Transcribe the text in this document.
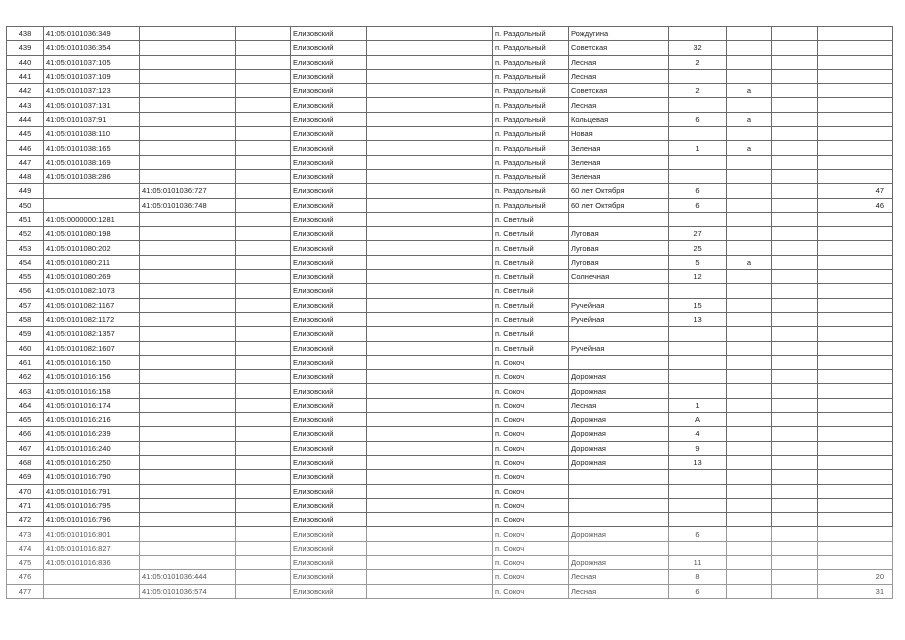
438	41:05:0101036:349			Елизовский		п. Раздольный	Рождугина				
439	41:05:0101036:354			Елизовский		п. Раздольный	Советская	32			
440	41:05:0101037:105			Елизовский		п. Раздольный	Лесная	2			
441	41:05:0101037:109			Елизовский		п. Раздольный	Лесная				
442	41:05:0101037:123			Елизовский		п. Раздольный	Советская	2	а		
443	41:05:0101037:131			Елизовский		п. Раздольный	Лесная				
444	41:05:0101037:91			Елизовский		п. Раздольный	Кольцевая	6	а		
445	41:05:0101038:110			Елизовский		п. Раздольный	Новая				
446	41:05:0101038:165			Елизовский		п. Раздольный	Зеленая	1	а		
447	41:05:0101038:169			Елизовский		п. Раздольный	Зеленая				
448	41:05:0101038:286			Елизовский		п. Раздольный	Зеленая				
449		41:05:0101036:727		Елизовский		п. Раздольный	60 лет Октября	6			47
450		41:05:0101036:748		Елизовский		п. Раздольный	60 лет Октября	6			46
451	41:05:0000000:1281			Елизовский		п. Светлый					
452	41:05:0101080:198			Елизовский		п. Светлый	Луговая	27			
453	41:05:0101080:202			Елизовский		п. Светлый	Луговая	25			
454	41:05:0101080:211			Елизовский		п. Светлый	Луговая	5	а		
455	41:05:0101080:269			Елизовский		п. Светлый	Солнечная	12			
456	41:05:0101082:1073			Елизовский		п. Светлый					
457	41:05:0101082:1167			Елизовский		п. Светлый	Ручейная	15			
458	41:05:0101082:1172			Елизовский		п. Светлый	Ручейная	13			
459	41:05:0101082:1357			Елизовский		п. Светлый					
460	41:05:0101082:1607			Елизовский		п. Светлый	Ручейная				
461	41:05:0101016:150			Елизовский		п. Сокоч					
462	41:05:0101016:156			Елизовский		п. Сокоч	Дорожная				
463	41:05:0101016:158			Елизовский		п. Сокоч	Дорожная				
464	41:05:0101016:174			Елизовский		п. Сокоч	Лесная	1			
465	41:05:0101016:216			Елизовский		п. Сокоч	Дорожная	А			
466	41:05:0101016:239			Елизовский		п. Сокоч	Дорожная	4			
467	41:05:0101016:240			Елизовский		п. Сокоч	Дорожная	9			
468	41:05:0101016:250			Елизовский		п. Сокоч	Дорожная	13			
469	41:05:0101016:790			Елизовский		п. Сокоч					
470	41:05:0101016:791			Елизовский		п. Сокоч					
471	41:05:0101016:795			Елизовский		п. Сокоч					
472	41:05:0101016:796			Елизовский		п. Сокоч					
473	41:05:0101016:801			Елизовский		п. Сокоч	Дорожная	6			
474	41:05:0101016:827			Елизовский		п. Сокоч					
475	41:05:0101016:836			Елизовский		п. Сокоч	Дорожная	11			
476		41:05:0101036:444		Елизовский		п. Сокоч	Лесная	8			20
477		41:05:0101036:574		Елизовский		п. Сокоч	Лесная	6			31
